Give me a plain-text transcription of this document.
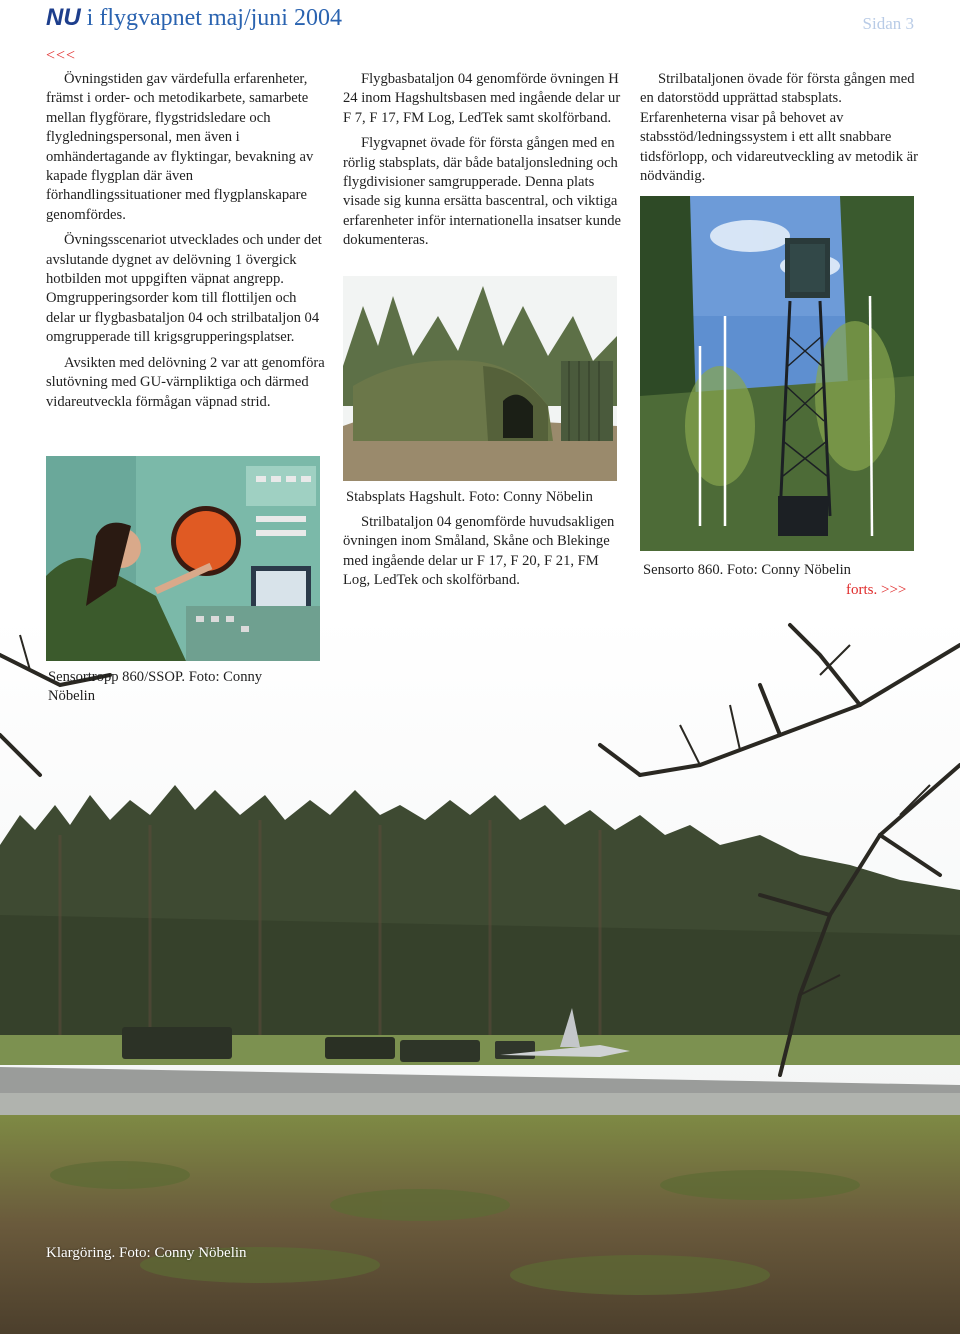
NU i flygvapnet maj/juni 2004	Sidan 3
<<<

Övningstiden gav värdefulla erfarenheter, främst i order- och metodikarbete, samarbete mellan flygförare, flygstridsledare och flygledningspersonal, men även i omhändertagande av flyktingar, bevakning av kapade flygplan där även förhandlingssituationer med flygplanskapare genomfördes.

Övningsscenariot utvecklades och under det avslutande dygnet av delövning 1 övergick hotbilden mot uppgiften väpnat angrepp. Omgrupperingsorder kom till flottiljen och delar ur flygbasbataljon 04 och strilbataljon 04 omgrupperade till krigsgrupperingsplatser.

Avsikten med delövning 2 var att genomföra slutövning med GU-värnpliktiga och därmed vidareutveckla förmågan väpnad strid.

Flygbasbataljon 04 genomförde övningen H 24 inom Hagshultsbasen med ingående delar ur F 7, F 17, FM Log, LedTek samt skolförband.

Flygvapnet övade för första gången med en rörlig stabsplats, där både bataljonsledning och flygdivisioner samgrupperade. Denna plats visade sig kunna ersätta bascentral, och viktiga erfarenheter inför internationella insatser kunde dokumenteras.

Strilbataljonen övade för första gången med en datorstödd upprättad stabsplats. Erfarenheterna visar på behovet av stabsstöd/ledningssystem i ett allt snabbare tidsförlopp, och vidareutveckling av metodik är nödvändig.

Sensortropp 860/SSOP. Foto: Conny Nöbelin
Stabsplats Hagshult. Foto: Conny Nöbelin
Sensorto 860. Foto: Conny Nöbelin
Klargöring. Foto: Conny Nöbelin

Strilbataljon 04 genomförde huvudsakligen övningen inom Småland, Skåne och Blekinge med ingående delar ur F 17, F 20, F 21, FM Log, LedTek och skolförband.

forts. >>>
